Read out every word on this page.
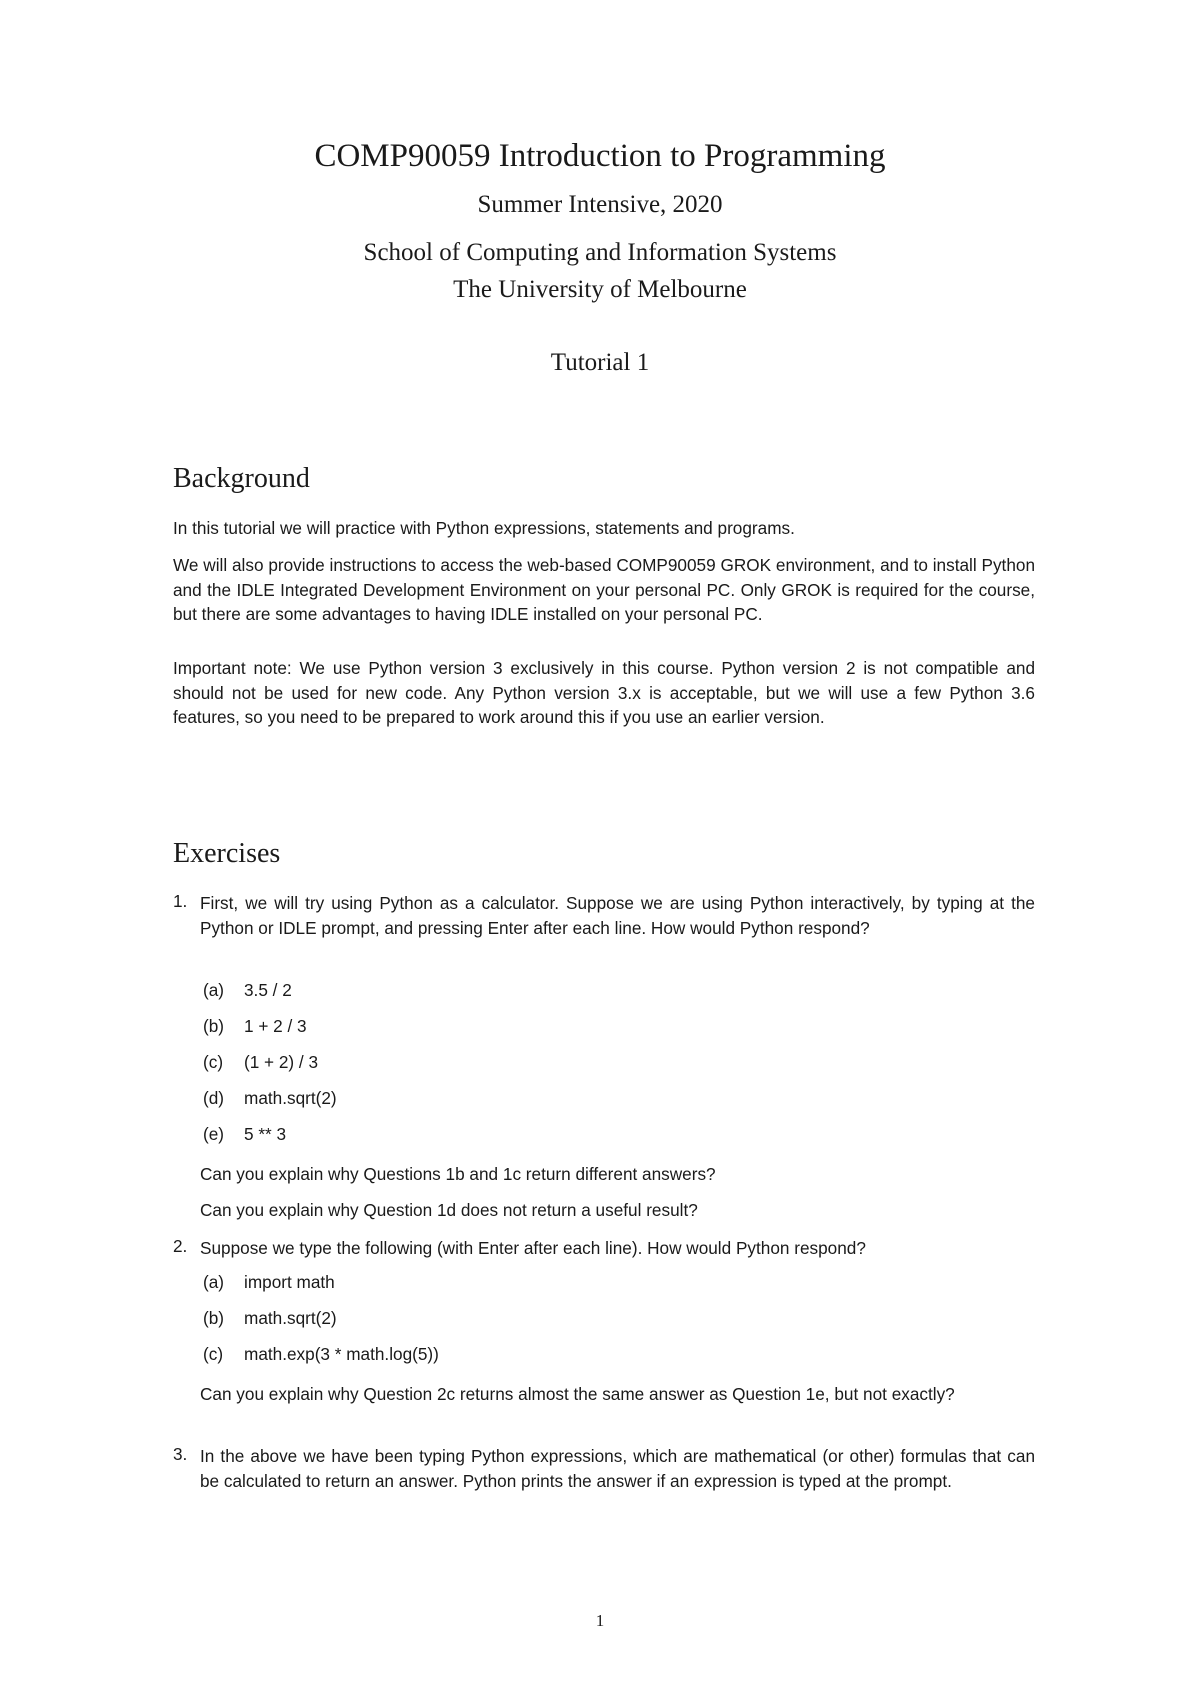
COMP90059 Introduction to Programming
Summer Intensive, 2020
School of Computing and Information Systems
The University of Melbourne
Tutorial 1
Background
In this tutorial we will practice with Python expressions, statements and programs.
We will also provide instructions to access the web-based COMP90059 GROK environment, and to install Python and the IDLE Integrated Development Environment on your personal PC. Only GROK is required for the course, but there are some advantages to having IDLE installed on your personal PC.
Important note: We use Python version 3 exclusively in this course. Python version 2 is not compatible and should not be used for new code. Any Python version 3.x is acceptable, but we will use a few Python 3.6 features, so you need to be prepared to work around this if you use an earlier version.
Exercises
1. First, we will try using Python as a calculator. Suppose we are using Python interactively, by typing at the Python or IDLE prompt, and pressing Enter after each line. How would Python respond?
(a) 3.5 / 2
(b) 1 + 2 / 3
(c) (1 + 2) / 3
(d) math.sqrt(2)
(e) 5 ** 3
Can you explain why Questions 1b and 1c return different answers?
Can you explain why Question 1d does not return a useful result?
2. Suppose we type the following (with Enter after each line). How would Python respond?
(a) import math
(b) math.sqrt(2)
(c) math.exp(3 * math.log(5))
Can you explain why Question 2c returns almost the same answer as Question 1e, but not exactly?
3. In the above we have been typing Python expressions, which are mathematical (or other) formulas that can be calculated to return an answer. Python prints the answer if an expression is typed at the prompt.
1
